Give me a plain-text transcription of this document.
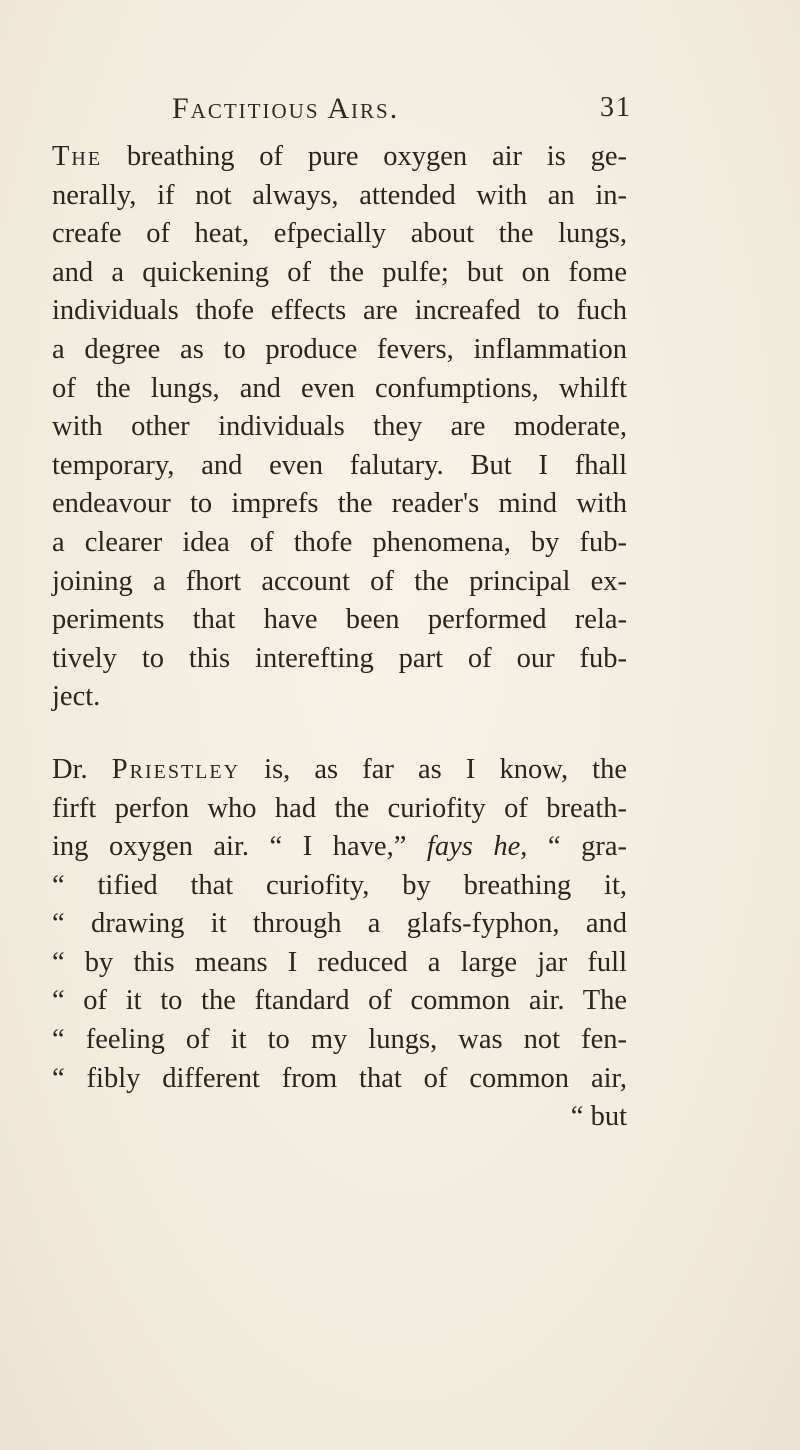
Factitious Airs.	31
The breathing of pure oxygen air is ge-
nerally, if not always, attended with an in-
creafe of heat, efpecially about the lungs,
and a quickening of the pulfe; but on fome
individuals thofe effects are increafed to fuch
a degree as to produce fevers, inflammation
of the lungs, and even confumptions, whilft
with other individuals they are moderate,
temporary, and even falutary. But I fhall
endeavour to imprefs the reader's mind with
a clearer idea of thofe phenomena, by fub-
joining a fhort account of the principal ex-
periments that have been performed rela-
tively to this interefting part of our fub-
ject.
Dr. Priestley is, as far as I know, the
firft perfon who had the curiofity of breath-
ing oxygen air. “ I have,” fays he, “ gra-
“ tified that curiofity, by breathing it,
“ drawing it through a glafs-fyphon, and
“ by this means I reduced a large jar full
“ of it to the ftandard of common air. The
“ feeling of it to my lungs, was not fen-
“ fibly different from that of common air,
“ but
